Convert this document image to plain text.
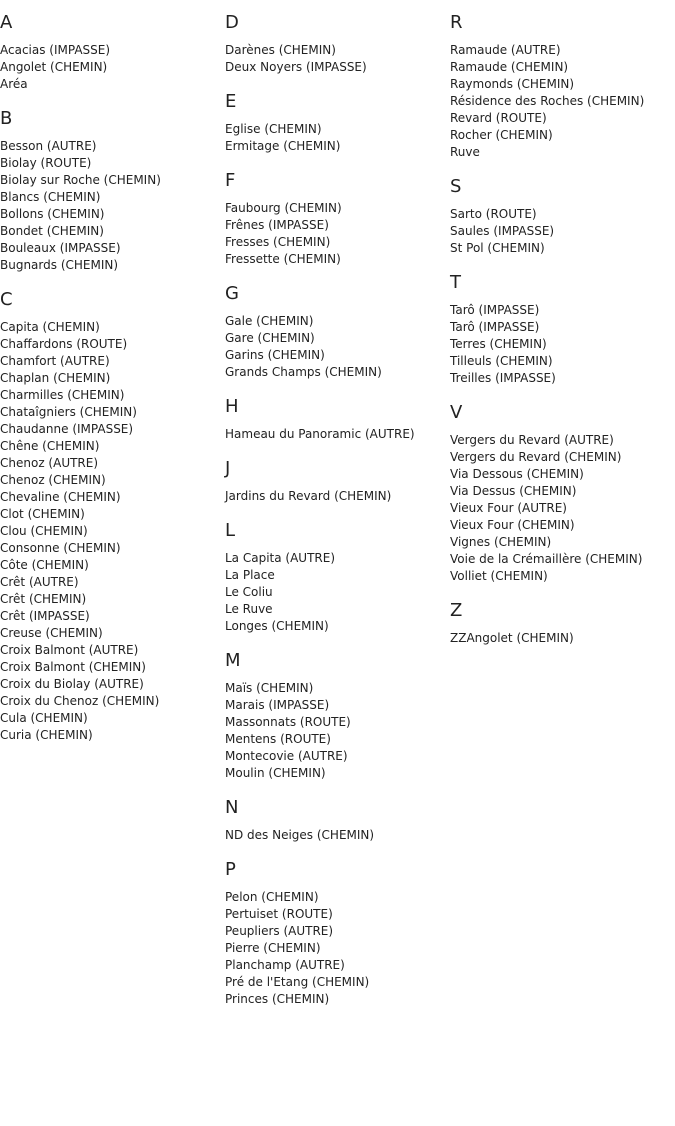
A
Acacias (IMPASSE)
Angolet (CHEMIN)
Aréa
B
Besson (AUTRE)
Biolay (ROUTE)
Biolay sur Roche (CHEMIN)
Blancs (CHEMIN)
Bollons (CHEMIN)
Bondet (CHEMIN)
Bouleaux (IMPASSE)
Bugnards (CHEMIN)
C
Capita (CHEMIN)
Chaffardons (ROUTE)
Chamfort (AUTRE)
Chaplan (CHEMIN)
Charmilles (CHEMIN)
Chataîgniers (CHEMIN)
Chaudanne (IMPASSE)
Chêne (CHEMIN)
Chenoz (AUTRE)
Chenoz (CHEMIN)
Chevaline (CHEMIN)
Clot (CHEMIN)
Clou (CHEMIN)
Consonne (CHEMIN)
Côte (CHEMIN)
Crêt (AUTRE)
Crêt (CHEMIN)
Crêt (IMPASSE)
Creuse (CHEMIN)
Croix Balmont (AUTRE)
Croix Balmont (CHEMIN)
Croix du Biolay (AUTRE)
Croix du Chenoz (CHEMIN)
Cula (CHEMIN)
Curia (CHEMIN)
D
Darènes (CHEMIN)
Deux Noyers (IMPASSE)
E
Eglise (CHEMIN)
Ermitage (CHEMIN)
F
Faubourg (CHEMIN)
Frênes (IMPASSE)
Fresses (CHEMIN)
Fressette (CHEMIN)
G
Gale (CHEMIN)
Gare (CHEMIN)
Garins (CHEMIN)
Grands Champs (CHEMIN)
H
Hameau du Panoramic (AUTRE)
J
Jardins du Revard (CHEMIN)
L
La Capita (AUTRE)
La Place
Le Coliu
Le Ruve
Longes (CHEMIN)
M
Maïs (CHEMIN)
Marais (IMPASSE)
Massonnats (ROUTE)
Mentens (ROUTE)
Montecovie (AUTRE)
Moulin (CHEMIN)
N
ND des Neiges (CHEMIN)
P
Pelon (CHEMIN)
Pertuiset (ROUTE)
Peupliers (AUTRE)
Pierre (CHEMIN)
Planchamp (AUTRE)
Pré de l'Etang (CHEMIN)
Princes (CHEMIN)
R
Ramaude (AUTRE)
Ramaude (CHEMIN)
Raymonds (CHEMIN)
Résidence des Roches (CHEMIN)
Revard (ROUTE)
Rocher (CHEMIN)
Ruve
S
Sarto (ROUTE)
Saules (IMPASSE)
St Pol (CHEMIN)
T
Tarô (IMPASSE)
Tarô (IMPASSE)
Terres (CHEMIN)
Tilleuls (CHEMIN)
Treilles (IMPASSE)
V
Vergers du Revard (AUTRE)
Vergers du Revard (CHEMIN)
Via Dessous (CHEMIN)
Via Dessus (CHEMIN)
Vieux Four (AUTRE)
Vieux Four (CHEMIN)
Vignes (CHEMIN)
Voie de la Crémaillère (CHEMIN)
Volliet (CHEMIN)
Z
ZZAngolet (CHEMIN)
